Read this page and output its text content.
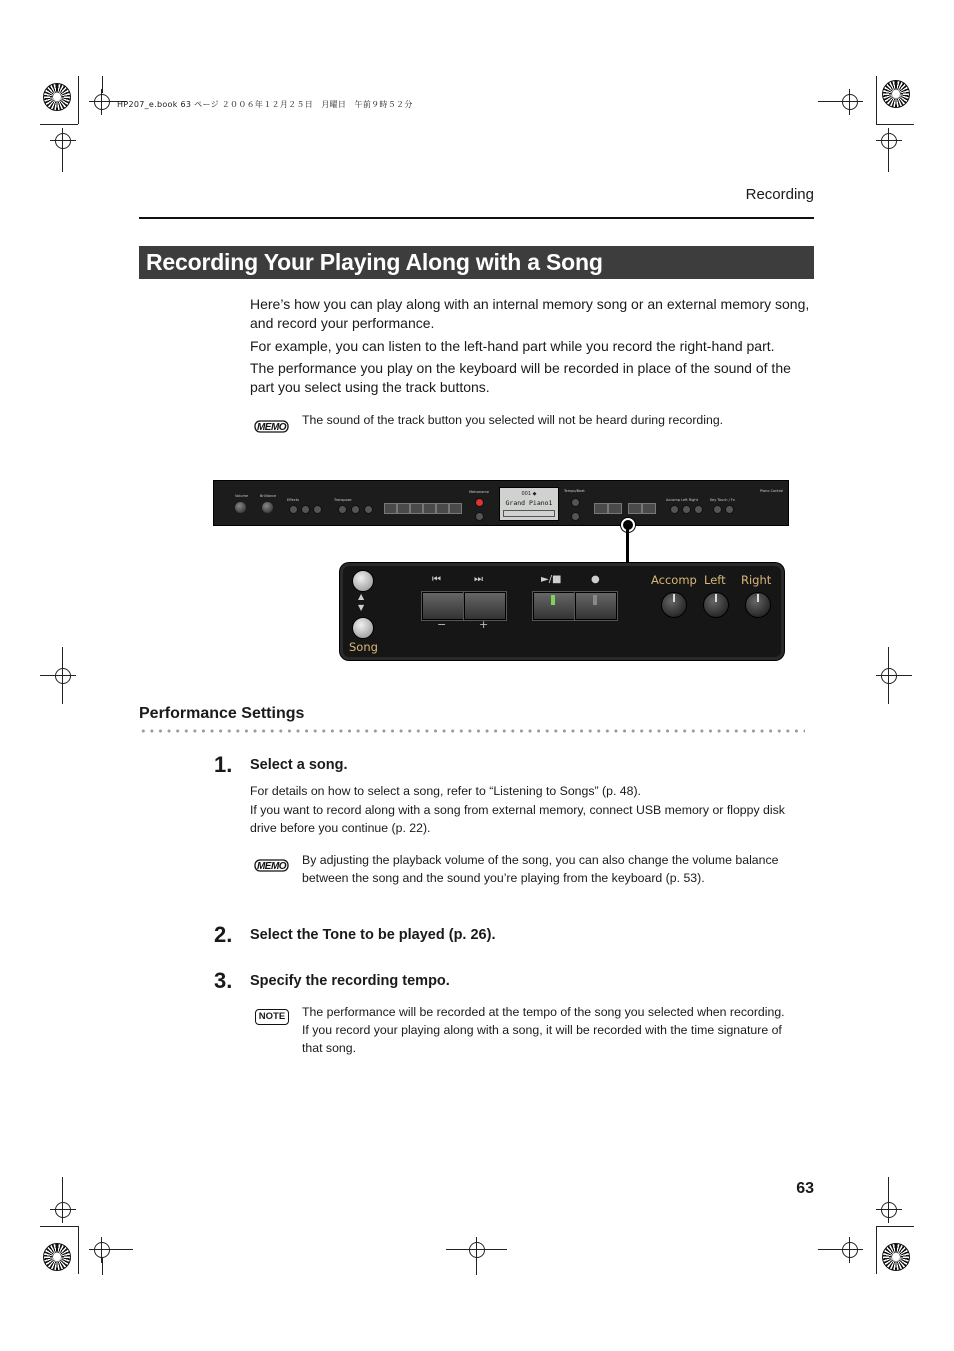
HP207_e.book 63 ページ ２００６年１２月２５日　月曜日　午前９時５２分
Recording
Recording Your Playing Along with a Song
Here’s how you can play along with an internal memory song or an external memory song, and record your performance.
For example, you can listen to the left-hand part while you record the right-hand part.
The performance you play on the keyboard will be recorded in place of the sound of the part you select using the track buttons.
MEMO
The sound of the track button you selected will not be heard during recording.
Volume	Brilliance
Effects	Transpose
Metronome	001 ◆
Grand Piano1
Tempo/Beat
Accomp Left Right	Key Touch / Fx
Piano Control
▲
▼
Song
⏮	⏭
−	+
►/■	●	Accomp Left Right
Performance Settings
1. Select a song.
For details on how to select a song, refer to “Listening to Songs” (p. 48).
If you want to record along with a song from external memory, connect USB memory or floppy disk drive before you continue (p. 22).
MEMO By adjusting the playback volume of the song, you can also change the volume balance between the song and the sound you’re playing from the keyboard (p. 53).
2. Select the Tone to be played (p. 26).
3. Specify the recording tempo.
NOTE	The performance will be recorded at the tempo of the song you selected when recording. If you record your playing along with a song, it will be recorded with the time signature of that song.
63
